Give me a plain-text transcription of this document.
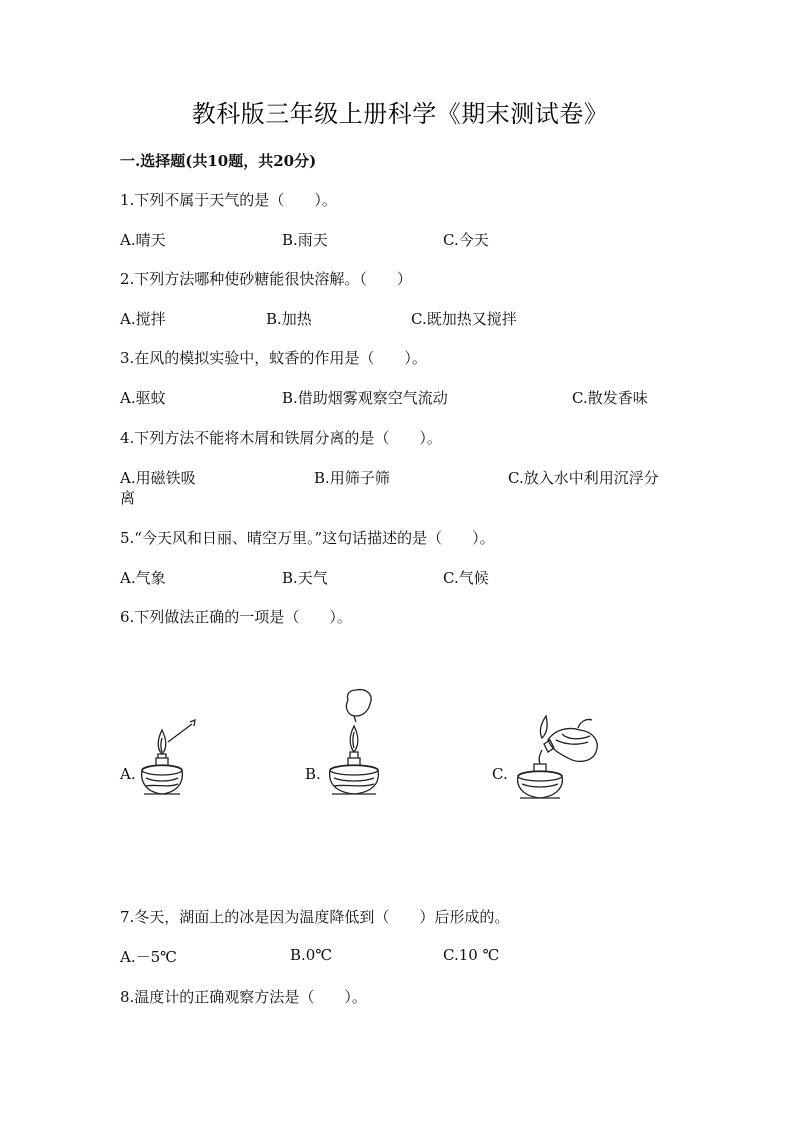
教科版三年级上册科学《期末测试卷》
一.选择题(共10题，共20分)
1.下列不属于天气的是（　　）。
A.晴天	B.雨天	C.今天
2.下列方法哪种使砂糖能很快溶解。（　　）
A.搅拌	B.加热	C.既加热又搅拌
3.在风的模拟实验中，蚊香的作用是（　　）。
A.驱蚊	B.借助烟雾观察空气流动	C.散发香味
4.下列方法不能将木屑和铁屑分离的是（　　）。
A.用磁铁吸	B.用筛子筛	C.放入水中利用沉浮分
离
5.“今天风和日丽、晴空万里。”这句话描述的是（　　）。
A.气象	B.天气	C.气候
6.下列做法正确的一项是（　　）。
A.	B.	C.
7.冬天，湖面上的冰是因为温度降低到（　　）后形成的。
A.－5℃	B.0℃	C.10 ℃
8.温度计的正确观察方法是（　　）。
